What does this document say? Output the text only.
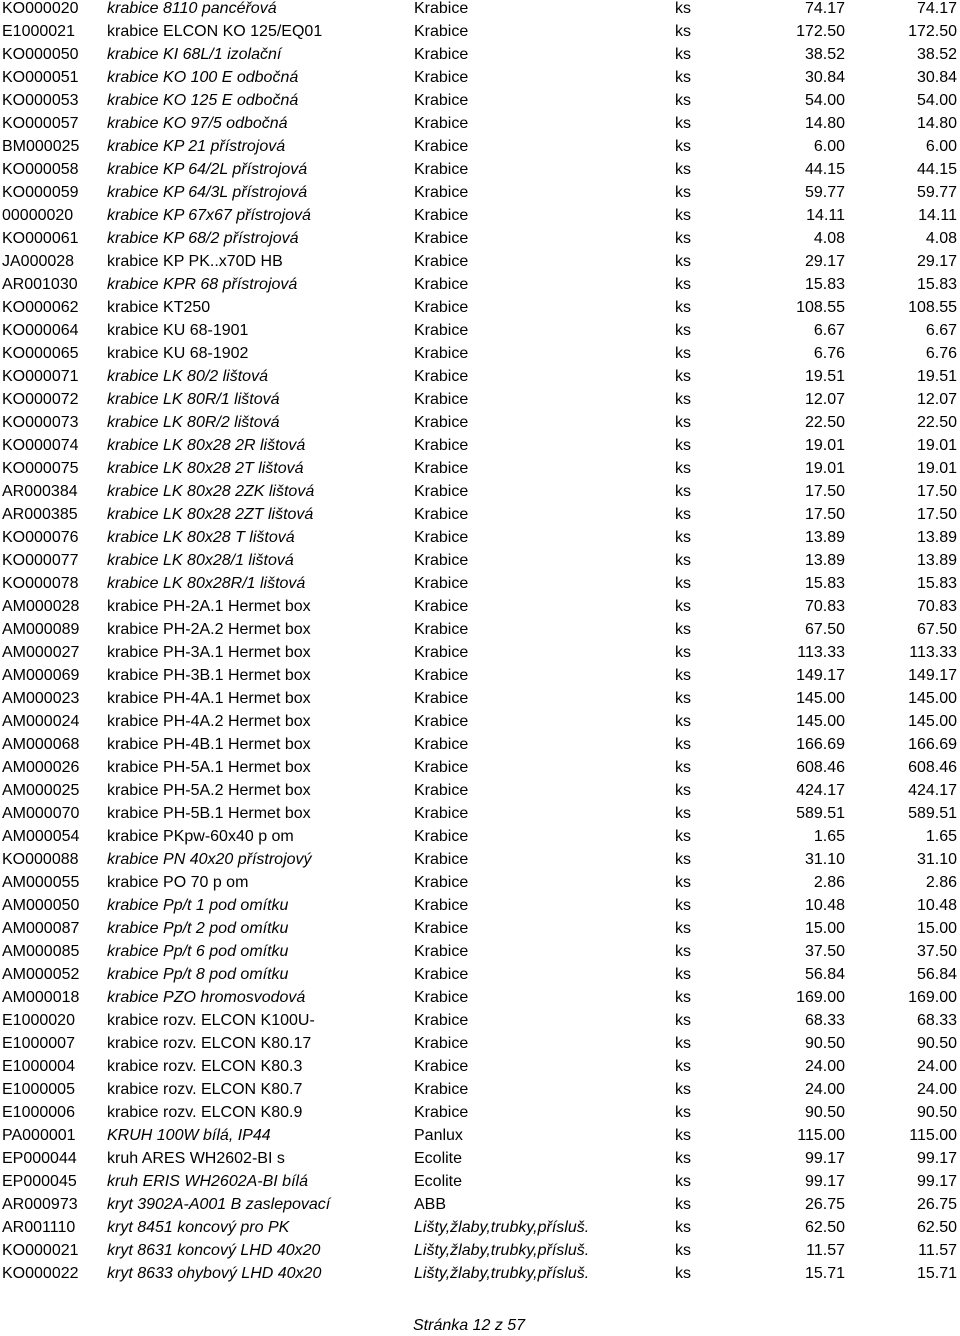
KO000020 krabice 8110 pancéřová	Krabice	ks	74.17	74.17
E1000021 krabice ELCON KO 125/EQ01	Krabice	ks	172.50	172.50
KO000050 krabice KI 68L/1 izolační	Krabice	ks	38.52	38.52
KO000051 krabice KO 100 E odbočná	Krabice	ks	30.84	30.84
KO000053 krabice KO 125 E odbočná	Krabice	ks	54.00	54.00
KO000057 krabice KO 97/5 odbočná	Krabice	ks	14.80	14.80
BM000025 krabice KP 21 přístrojová	Krabice	ks	6.00	6.00
KO000058 krabice KP 64/2L přístrojová	Krabice	ks	44.15	44.15
KO000059 krabice KP 64/3L přístrojová	Krabice	ks	59.77	59.77
00000020 krabice KP 67x67 přístrojová	Krabice	ks	14.11	14.11
KO000061 krabice KP 68/2 přístrojová	Krabice	ks	4.08	4.08
JA000028 krabice KP PK..x70D HB	Krabice	ks	29.17	29.17
AR001030 krabice KPR 68 přístrojová	Krabice	ks	15.83	15.83
KO000062 krabice KT250	Krabice	ks	108.55	108.55
KO000064 krabice KU 68-1901	Krabice	ks	6.67	6.67
KO000065 krabice KU 68-1902	Krabice	ks	6.76	6.76
KO000071 krabice LK 80/2 lištová	Krabice	ks	19.51	19.51
KO000072 krabice LK 80R/1 lištová	Krabice	ks	12.07	12.07
KO000073 krabice LK 80R/2 lištová	Krabice	ks	22.50	22.50
KO000074 krabice LK 80x28 2R lištová	Krabice	ks	19.01	19.01
KO000075 krabice LK 80x28 2T lištová	Krabice	ks	19.01	19.01
AR000384 krabice LK 80x28 2ZK lištová	Krabice	ks	17.50	17.50
AR000385 krabice LK 80x28 2ZT lištová	Krabice	ks	17.50	17.50
KO000076 krabice LK 80x28 T lištová	Krabice	ks	13.89	13.89
KO000077 krabice LK 80x28/1 lištová	Krabice	ks	13.89	13.89
KO000078 krabice LK 80x28R/1 lištová	Krabice	ks	15.83	15.83
AM000028 krabice PH-2A.1 Hermet box	Krabice	ks	70.83	70.83
AM000089 krabice PH-2A.2 Hermet box	Krabice	ks	67.50	67.50
AM000027 krabice PH-3A.1 Hermet box	Krabice	ks	113.33	113.33
AM000069 krabice PH-3B.1 Hermet box	Krabice	ks	149.17	149.17
AM000023 krabice PH-4A.1 Hermet box	Krabice	ks	145.00	145.00
AM000024 krabice PH-4A.2 Hermet box	Krabice	ks	145.00	145.00
AM000068 krabice PH-4B.1 Hermet box	Krabice	ks	166.69	166.69
AM000026 krabice PH-5A.1 Hermet box	Krabice	ks	608.46	608.46
AM000025 krabice PH-5A.2 Hermet box	Krabice	ks	424.17	424.17
AM000070 krabice PH-5B.1 Hermet box	Krabice	ks	589.51	589.51
AM000054 krabice PKpw-60x40 p om	Krabice	ks	1.65	1.65
KO000088 krabice PN 40x20 přístrojový	Krabice	ks	31.10	31.10
AM000055 krabice PO 70 p om	Krabice	ks	2.86	2.86
AM000050 krabice Pp/t 1 pod omítku	Krabice	ks	10.48	10.48
AM000087 krabice Pp/t 2 pod omítku	Krabice	ks	15.00	15.00
AM000085 krabice Pp/t 6 pod omítku	Krabice	ks	37.50	37.50
AM000052 krabice Pp/t 8 pod omítku	Krabice	ks	56.84	56.84
AM000018 krabice PZO hromosvodová	Krabice	ks	169.00	169.00
E1000020 krabice rozv. ELCON K100U-	Krabice	ks	68.33	68.33
E1000007 krabice rozv. ELCON K80.17	Krabice	ks	90.50	90.50
E1000004 krabice rozv. ELCON K80.3	Krabice	ks	24.00	24.00
E1000005 krabice rozv. ELCON K80.7	Krabice	ks	24.00	24.00
E1000006 krabice rozv. ELCON K80.9	Krabice	ks	90.50	90.50
PA000001 KRUH 100W bílá, IP44	Panlux	ks	115.00	115.00
EP000044 kruh ARES WH2602-BI s	Ecolite	ks	99.17	99.17
EP000045 kruh ERIS WH2602A-BI bílá	Ecolite	ks	99.17	99.17
AR000973 kryt 3902A-A001 B zaslepovací	ABB	ks	26.75	26.75
AR001110 kryt 8451 koncový pro PK	Lišty,žlaby,trubky,přísluš.	ks	62.50	62.50
KO000021 kryt 8631 koncový LHD 40x20	Lišty,žlaby,trubky,přísluš.	ks	11.57	11.57
KO000022 kryt 8633 ohybový LHD 40x20	Lišty,žlaby,trubky,přísluš.	ks	15.71	15.71
Stránka 12 z 57
